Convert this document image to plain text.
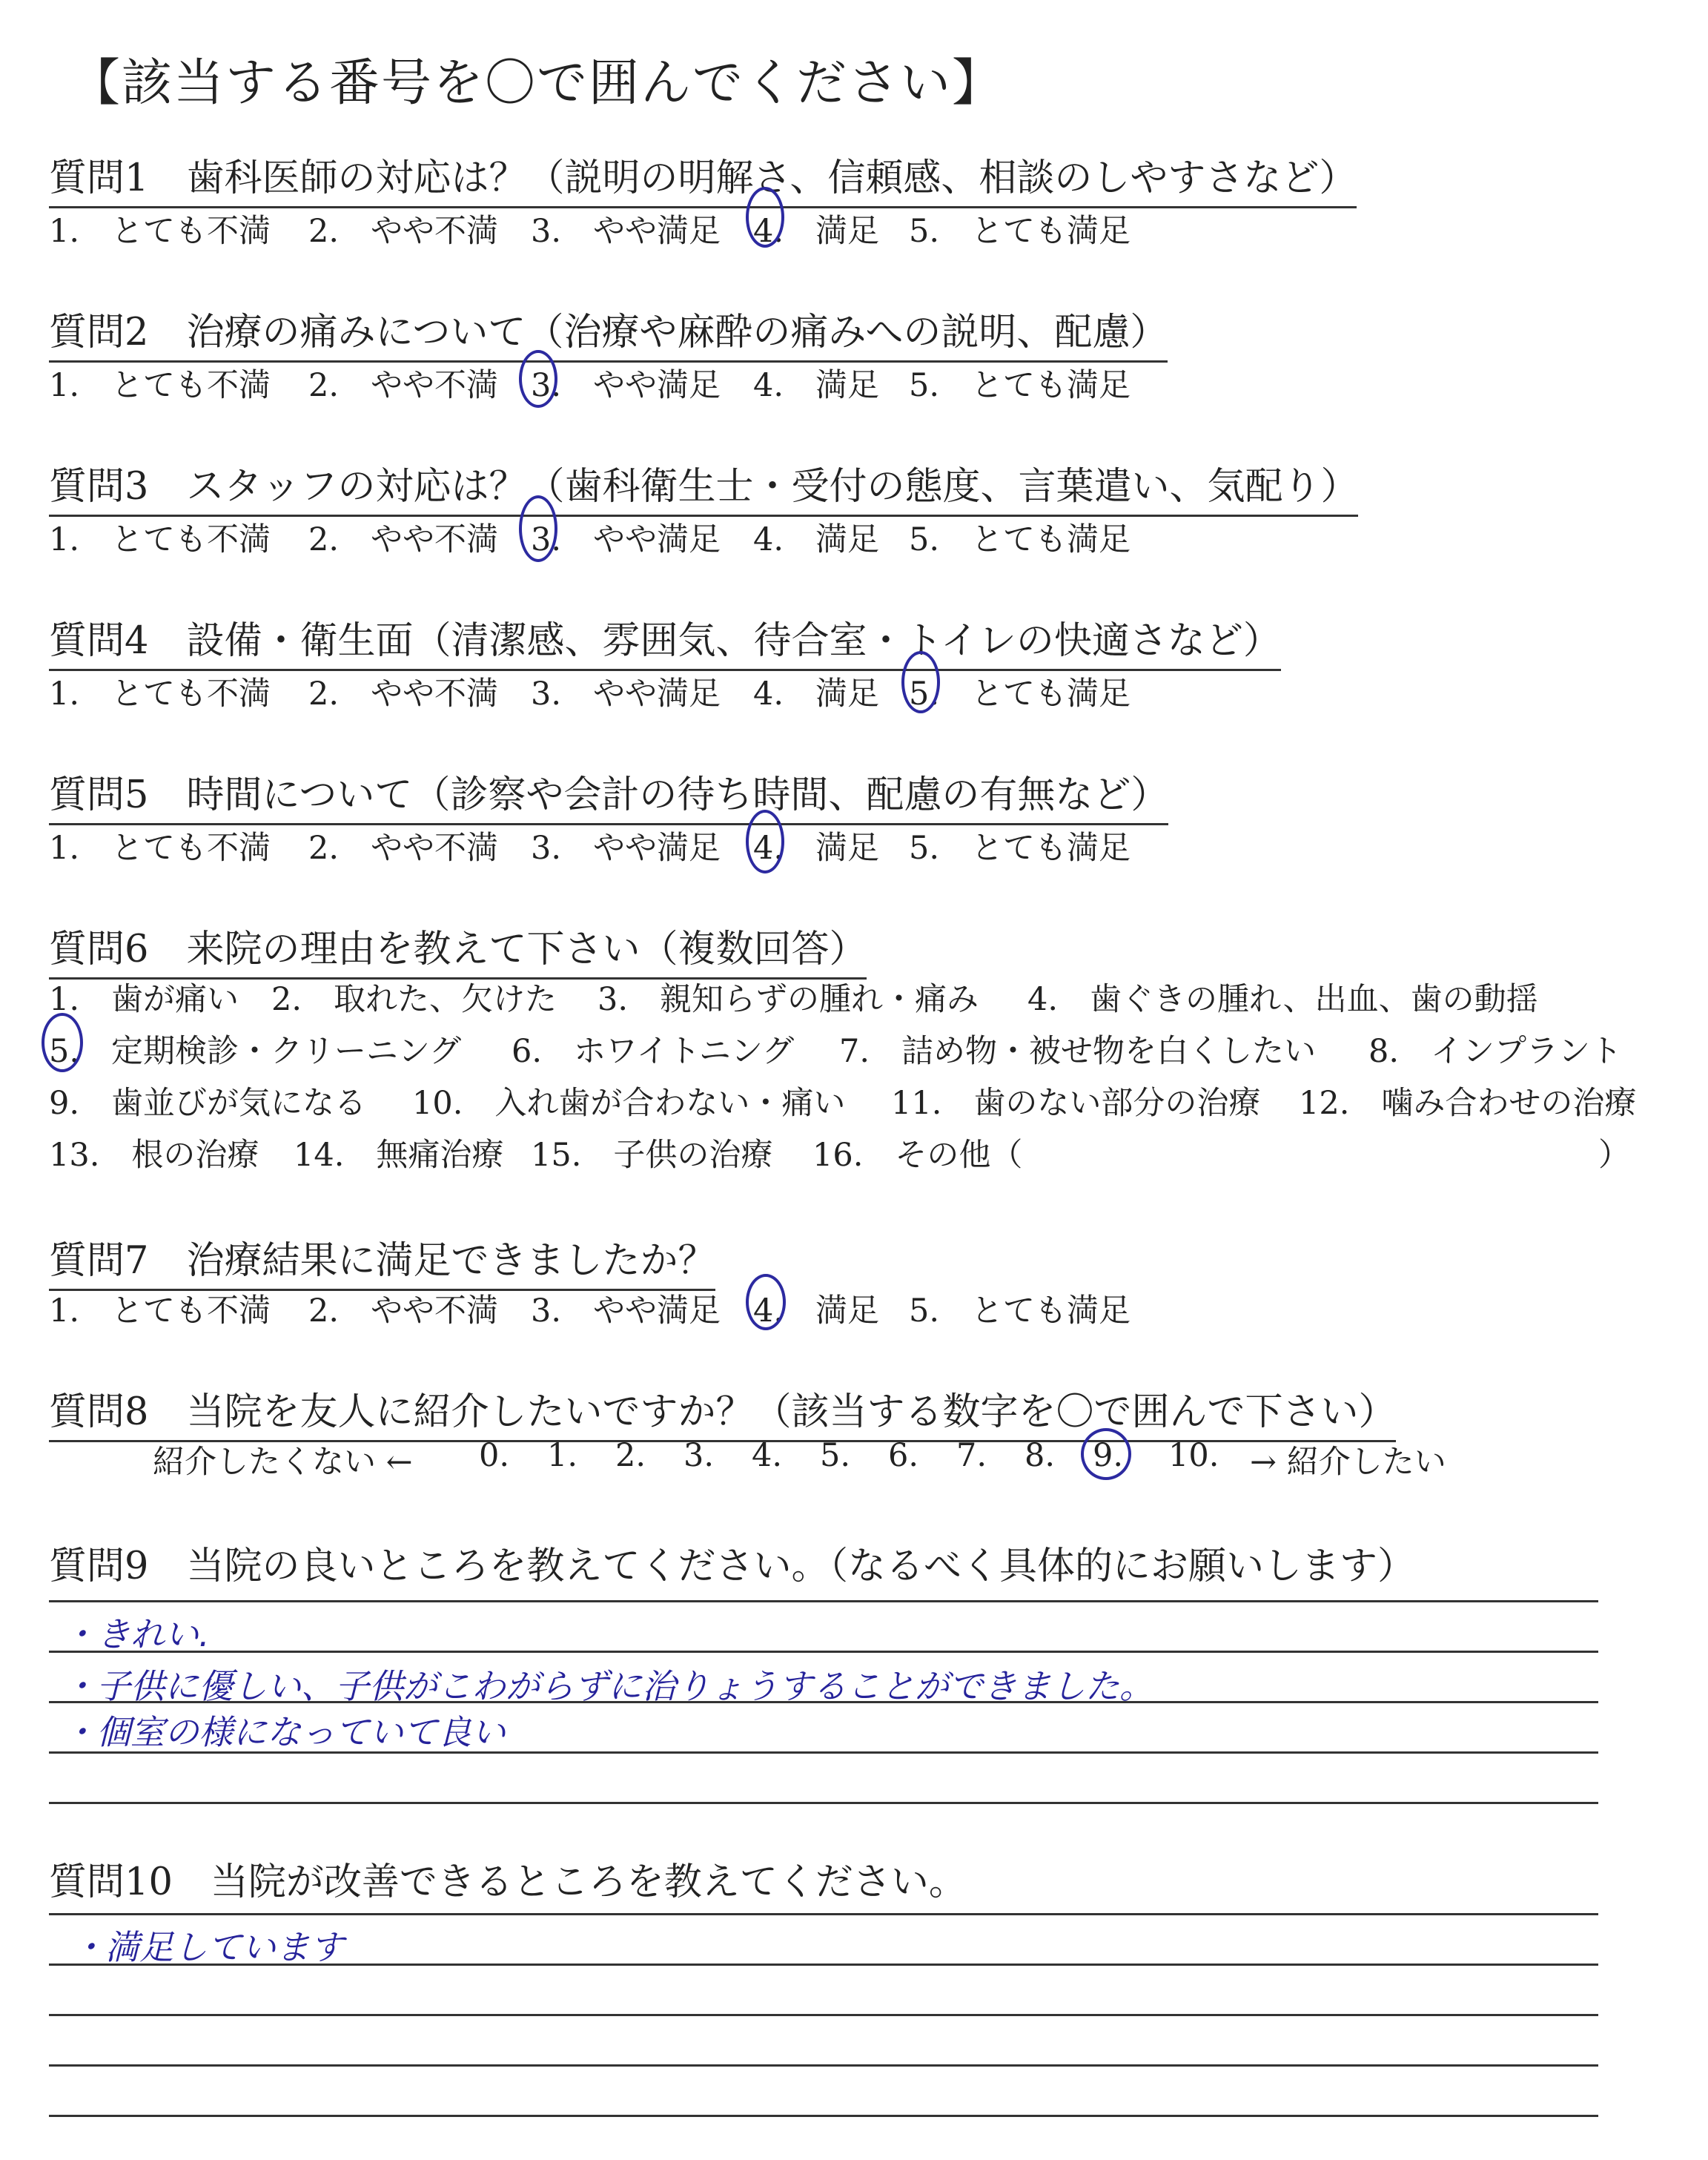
【該当する番号を〇で囲んでください】
質問1　歯科医師の対応は？（説明の明解さ、信頼感、相談のしやすさなど）
1.　とても不満 2.　やや不満 3.　やや満足 4.　満足 5.　とても満足
質問2　治療の痛みについて（治療や麻酔の痛みへの説明、配慮）
1.　とても不満 2.　やや不満 3.　やや満足 4.　満足 5.　とても満足
質問3　スタッフの対応は？（歯科衛生士・受付の態度、言葉遣い、気配り）
1.　とても不満 2.　やや不満 3.　やや満足 4.　満足 5.　とても満足
質問4　設備・衛生面（清潔感、雰囲気、待合室・トイレの快適さなど）
1.　とても不満 2.　やや不満 3.　やや満足 4.　満足 5.　とても満足
質問5　時間について（診察や会計の待ち時間、配慮の有無など）
1.　とても不満 2.　やや不満 3.　やや満足 4.　満足 5.　とても満足
質問6　来院の理由を教えて下さい（複数回答）
1.　歯が痛い 2.　取れた、欠けた 3.　親知らずの腫れ・痛み 4.　歯ぐきの腫れ、出血、歯の動揺
5.　定期検診・クリーニング 6.　ホワイトニング 7.　詰め物・被せ物を白くしたい 8.　インプラント
9.　歯並びが気になる 10.　入れ歯が合わない・痛い 11.　歯のない部分の治療 12.　噛み合わせの治療
13.　根の治療 14.　無痛治療 15.　子供の治療 16.　その他（	）
質問7　治療結果に満足できましたか？
1.　とても不満 2.　やや不満 3.　やや満足 4.　満足 5.　とても満足
質問8　当院を友人に紹介したいですか？（該当する数字を〇で囲んで下さい）
紹介したくない ← 0. 1. 2. 3. 4. 5. 6. 7. 8. 9. 10. → 紹介したい
質問9　当院の良いところを教えてください。（なるべく具体的にお願いします）
・きれい.
・子供に優しい、子供がこわがらずに治りょうすることができました。
・個室の様になっていて良い
質問10　当院が改善できるところを教えてください。
・満足しています
